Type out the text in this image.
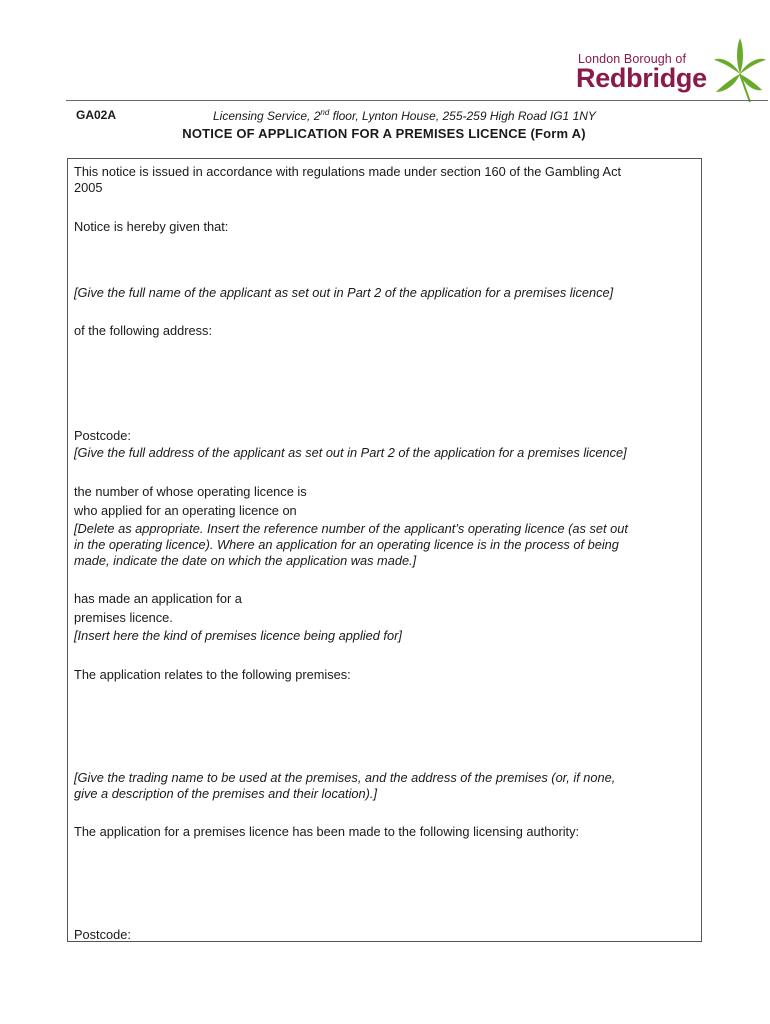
London Borough of
Redbridge
GA02A	Licensing Service, 2nd floor, Lynton House, 255-259 High Road IG1 1NY
NOTICE OF APPLICATION FOR A PREMISES LICENCE (Form A)
This notice is issued in accordance with regulations made under section 160 of the Gambling Act
2005
Notice is hereby given that:
[Give the full name of the applicant as set out in Part 2 of the application for a premises licence]
of the following address:
Postcode:
[Give the full address of the applicant as set out in Part 2 of the application for a premises licence]
the number of whose operating licence is
who applied for an operating licence on
[Delete as appropriate. Insert the reference number of the applicant’s operating licence (as set out
in the operating licence). Where an application for an operating licence is in the process of being
made, indicate the date on which the application was made.]
has made an application for a
premises licence.
[Insert here the kind of premises licence being applied for]
The application relates to the following premises:
[Give the trading name to be used at the premises, and the address of the premises (or, if none,
give a description of the premises and their location).]
The application for a premises licence has been made to the following licensing authority:
Postcode:
